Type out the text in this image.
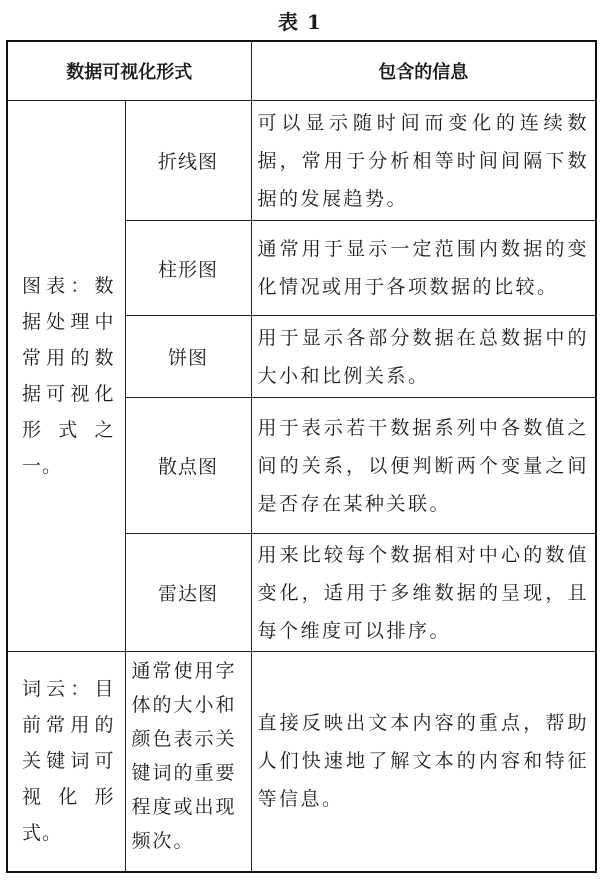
表 1
数据可视化形式		包含的信息
图表：数据处理中常用的数据可视化形式之一。	折线图	可以显示随时间而变化的连续数据，常用于分析相等时间间隔下数据的发展趋势。
	柱形图	通常用于显示一定范围内数据的变化情况或用于各项数据的比较。
	饼图	用于显示各部分数据在总数据中的大小和比例关系。
	散点图	用于表示若干数据系列中各数值之间的关系，以便判断两个变量之间是否存在某种关联。
	雷达图	用来比较每个数据相对中心的数值变化，适用于多维数据的呈现，且每个维度可以排序。
词云：目前常用的关键词可视化形式。	通常使用字体的大小和颜色表示关键词的重要程度或出现频次。	直接反映出文本内容的重点，帮助人们快速地了解文本的内容和特征等信息。
